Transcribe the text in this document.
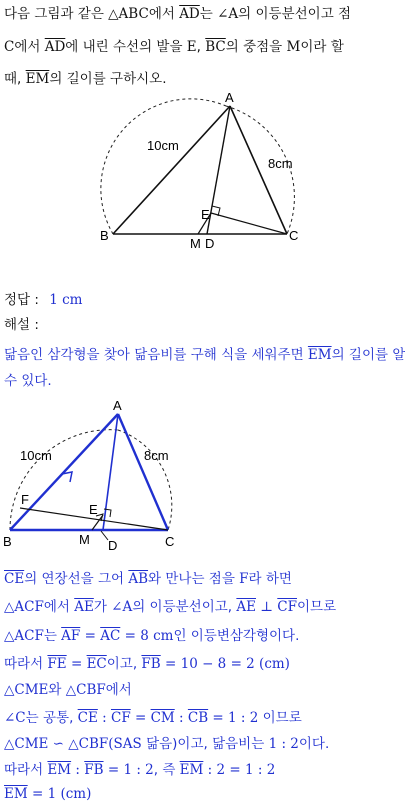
다음 그림과 같은 △ABC에서 $\overline{AD}$는 ∠A의 이등분선이고 점
C에서 $\overline{AD}$에 내린 수선의 발을 E, $\overline{BC}$의 중점을 M이라 할
때, $\overline{EM}$의 길이를 구하시오.
A
B	C
E
M D
10cm
8cm
정답 : 1 cm
해설 :
닮음인 삼각형을 찾아 닮음비를 구해 식을 세워주면 $\overline{EM}$의 길이를 알
수 있다.
A
B	C
E
F
M D
10cm	8cm
$\overline{CE}$의 연장선을 그어 $\overline{AB}$와 만나는 점을 F라 하면
△ACF에서 $\overline{AE}$가 ∠A의 이등분선이고, $\overline{AE}$ ⊥ $\overline{CF}$이므로
△ACF는 $\overline{AF} = \overline{AC} = 8$ cm인 이등변삼각형이다.
따라서 $\overline{FE} = \overline{EC}$이고, $\overline{FB} = 10 - 8 = 2$ (cm)
△CME와 △CBF에서
∠C는 공통, $\overline{CE}$ : $\overline{CF} = \overline{CM}$ : $\overline{CB} = 1$ : 2 이므로
△CME ∽ △CBF(SAS 닮음)이고, 닮음비는 1 : 2이다.
따라서 $\overline{EM}$ : $\overline{FB} = 1$ : 2, 즉 $\overline{EM}$ : 2 = 1 : 2
$\overline{EM} = 1$ (cm)
